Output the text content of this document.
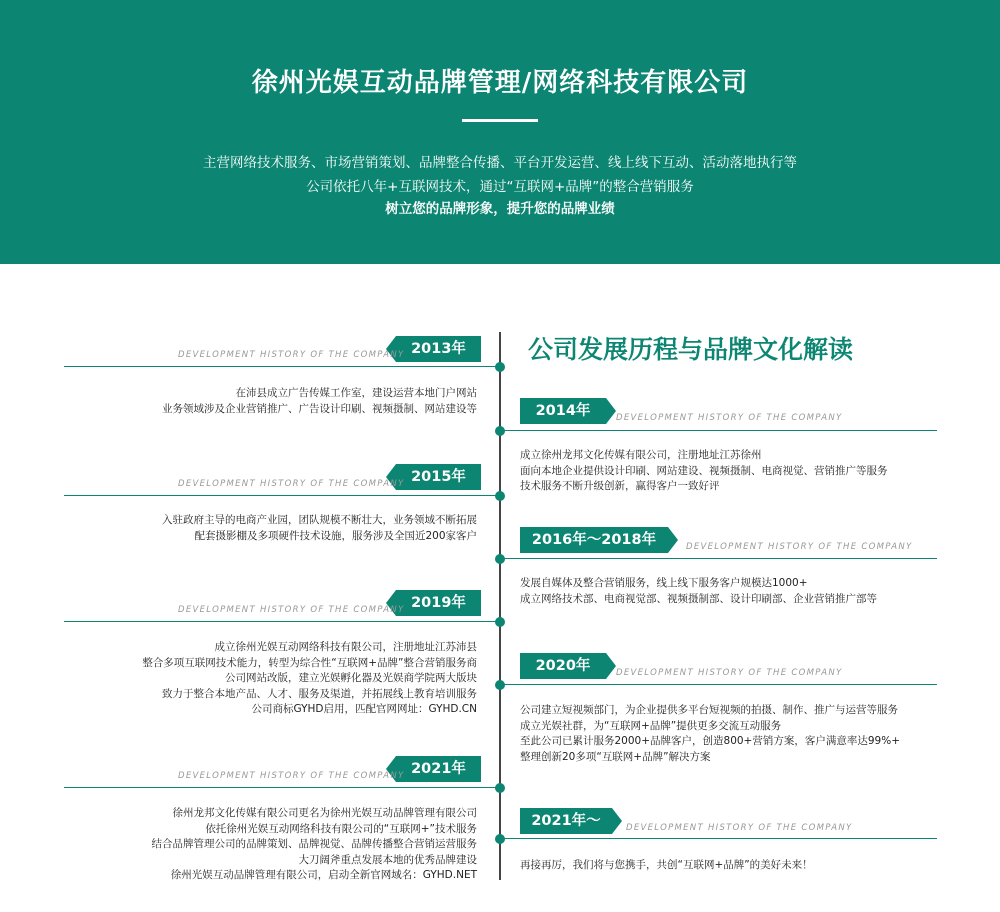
徐州光娱互动品牌管理/网络科技有限公司
主营网络技术服务、市场营销策划、品牌整合传播、平台开发运营、线上线下互动、活动落地执行等
公司依托八年+互联网技术，通过“互联网+品牌”的整合营销服务
树立您的品牌形象，提升您的品牌业绩
公司发展历程与品牌文化解读
2013年
DEVELOPMENT HISTORY OF THE COMPANY
在沛县成立广告传媒工作室，建设运营本地门户网站
业务领域涉及企业营销推广、广告设计印刷、视频摄制、网站建设等	2014年	DEVELOPMENT HISTORY OF THE COMPANY
成立徐州龙邦文化传媒有限公司，注册地址江苏徐州
面向本地企业提供设计印刷、网站建设、视频摄制、电商视觉、营销推广等服务
技术服务不断升级创新，赢得客户一致好评
2015年
DEVELOPMENT HISTORY OF THE COMPANY
入驻政府主导的电商产业园，团队规模不断壮大，业务领域不断拓展
配套摄影棚及多项硬件技术设施，服务涉及全国近200家客户	2016年～2018年	DEVELOPMENT HISTORY OF THE COMPANY
发展自媒体及整合营销服务，线上线下服务客户规模达1000+
成立网络技术部、电商视觉部、视频摄制部、设计印刷部、企业营销推广部等
2019年
DEVELOPMENT HISTORY OF THE COMPANY
成立徐州光娱互动网络科技有限公司，注册地址江苏沛县
整合多项互联网技术能力，转型为综合性“互联网+品牌”整合营销服务商
公司网站改版，建立光娱孵化器及光娱商学院两大版块
致力于整合本地产品、人才、服务及渠道，并拓展线上教育培训服务
公司商标GYHD启用，匹配官网网址：GYHD.CN
2020年	DEVELOPMENT HISTORY OF THE COMPANY
公司建立短视频部门，为企业提供多平台短视频的拍摄、制作、推广与运营等服务
成立光娱社群，为“互联网+品牌”提供更多交流互动服务
至此公司已累计服务2000+品牌客户，创造800+营销方案，客户满意率达99%+
整理创新20多项“互联网+品牌”解决方案
2021年
DEVELOPMENT HISTORY OF THE COMPANY
徐州龙邦文化传媒有限公司更名为徐州光娱互动品牌管理有限公司
依托徐州光娱互动网络科技有限公司的“互联网+”技术服务
结合品牌管理公司的品牌策划、品牌视觉、品牌传播整合营销运营服务
大刀阔斧重点发展本地的优秀品牌建设
徐州光娱互动品牌管理有限公司，启动全新官网域名：GYHD.NET
2021年～	DEVELOPMENT HISTORY OF THE COMPANY
再接再厉，我们将与您携手，共创“互联网+品牌”的美好未来！
